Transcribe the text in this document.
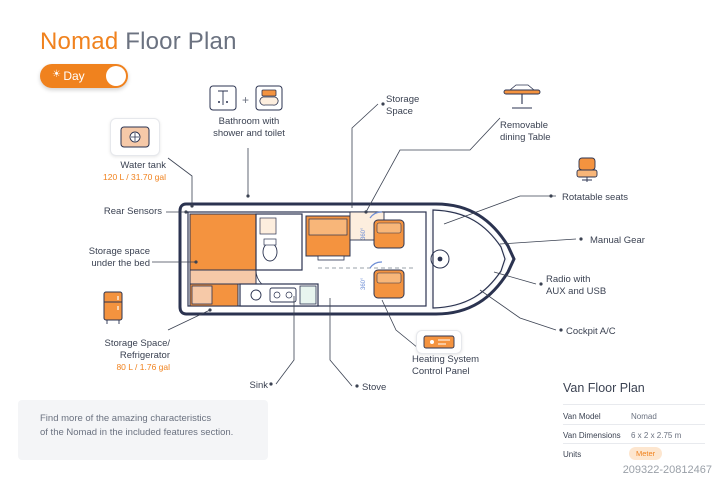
Nomad Floor Plan
☀ Day
360°
360°
Water tank
120 L / 31.70 gal
+
Bathroom with
shower and toilet
Storage
Space
Removable
dining Table
Rotatable seats
Manual Gear
Radio with
AUX and USB
Cockpit A/C
Rear Sensors
Storage space
under the bed
Storage Space/
Refrigerator
80 L / 1.76 gal
Sink	Stove
Heating System
Control Panel
Find more of the amazing characteristics
of the Nomad in the included features section.
Van Floor Plan
Van Model	Nomad
Van Dimensions 6 x 2 x 2.75 m
Units	Meter
209322-20812467
